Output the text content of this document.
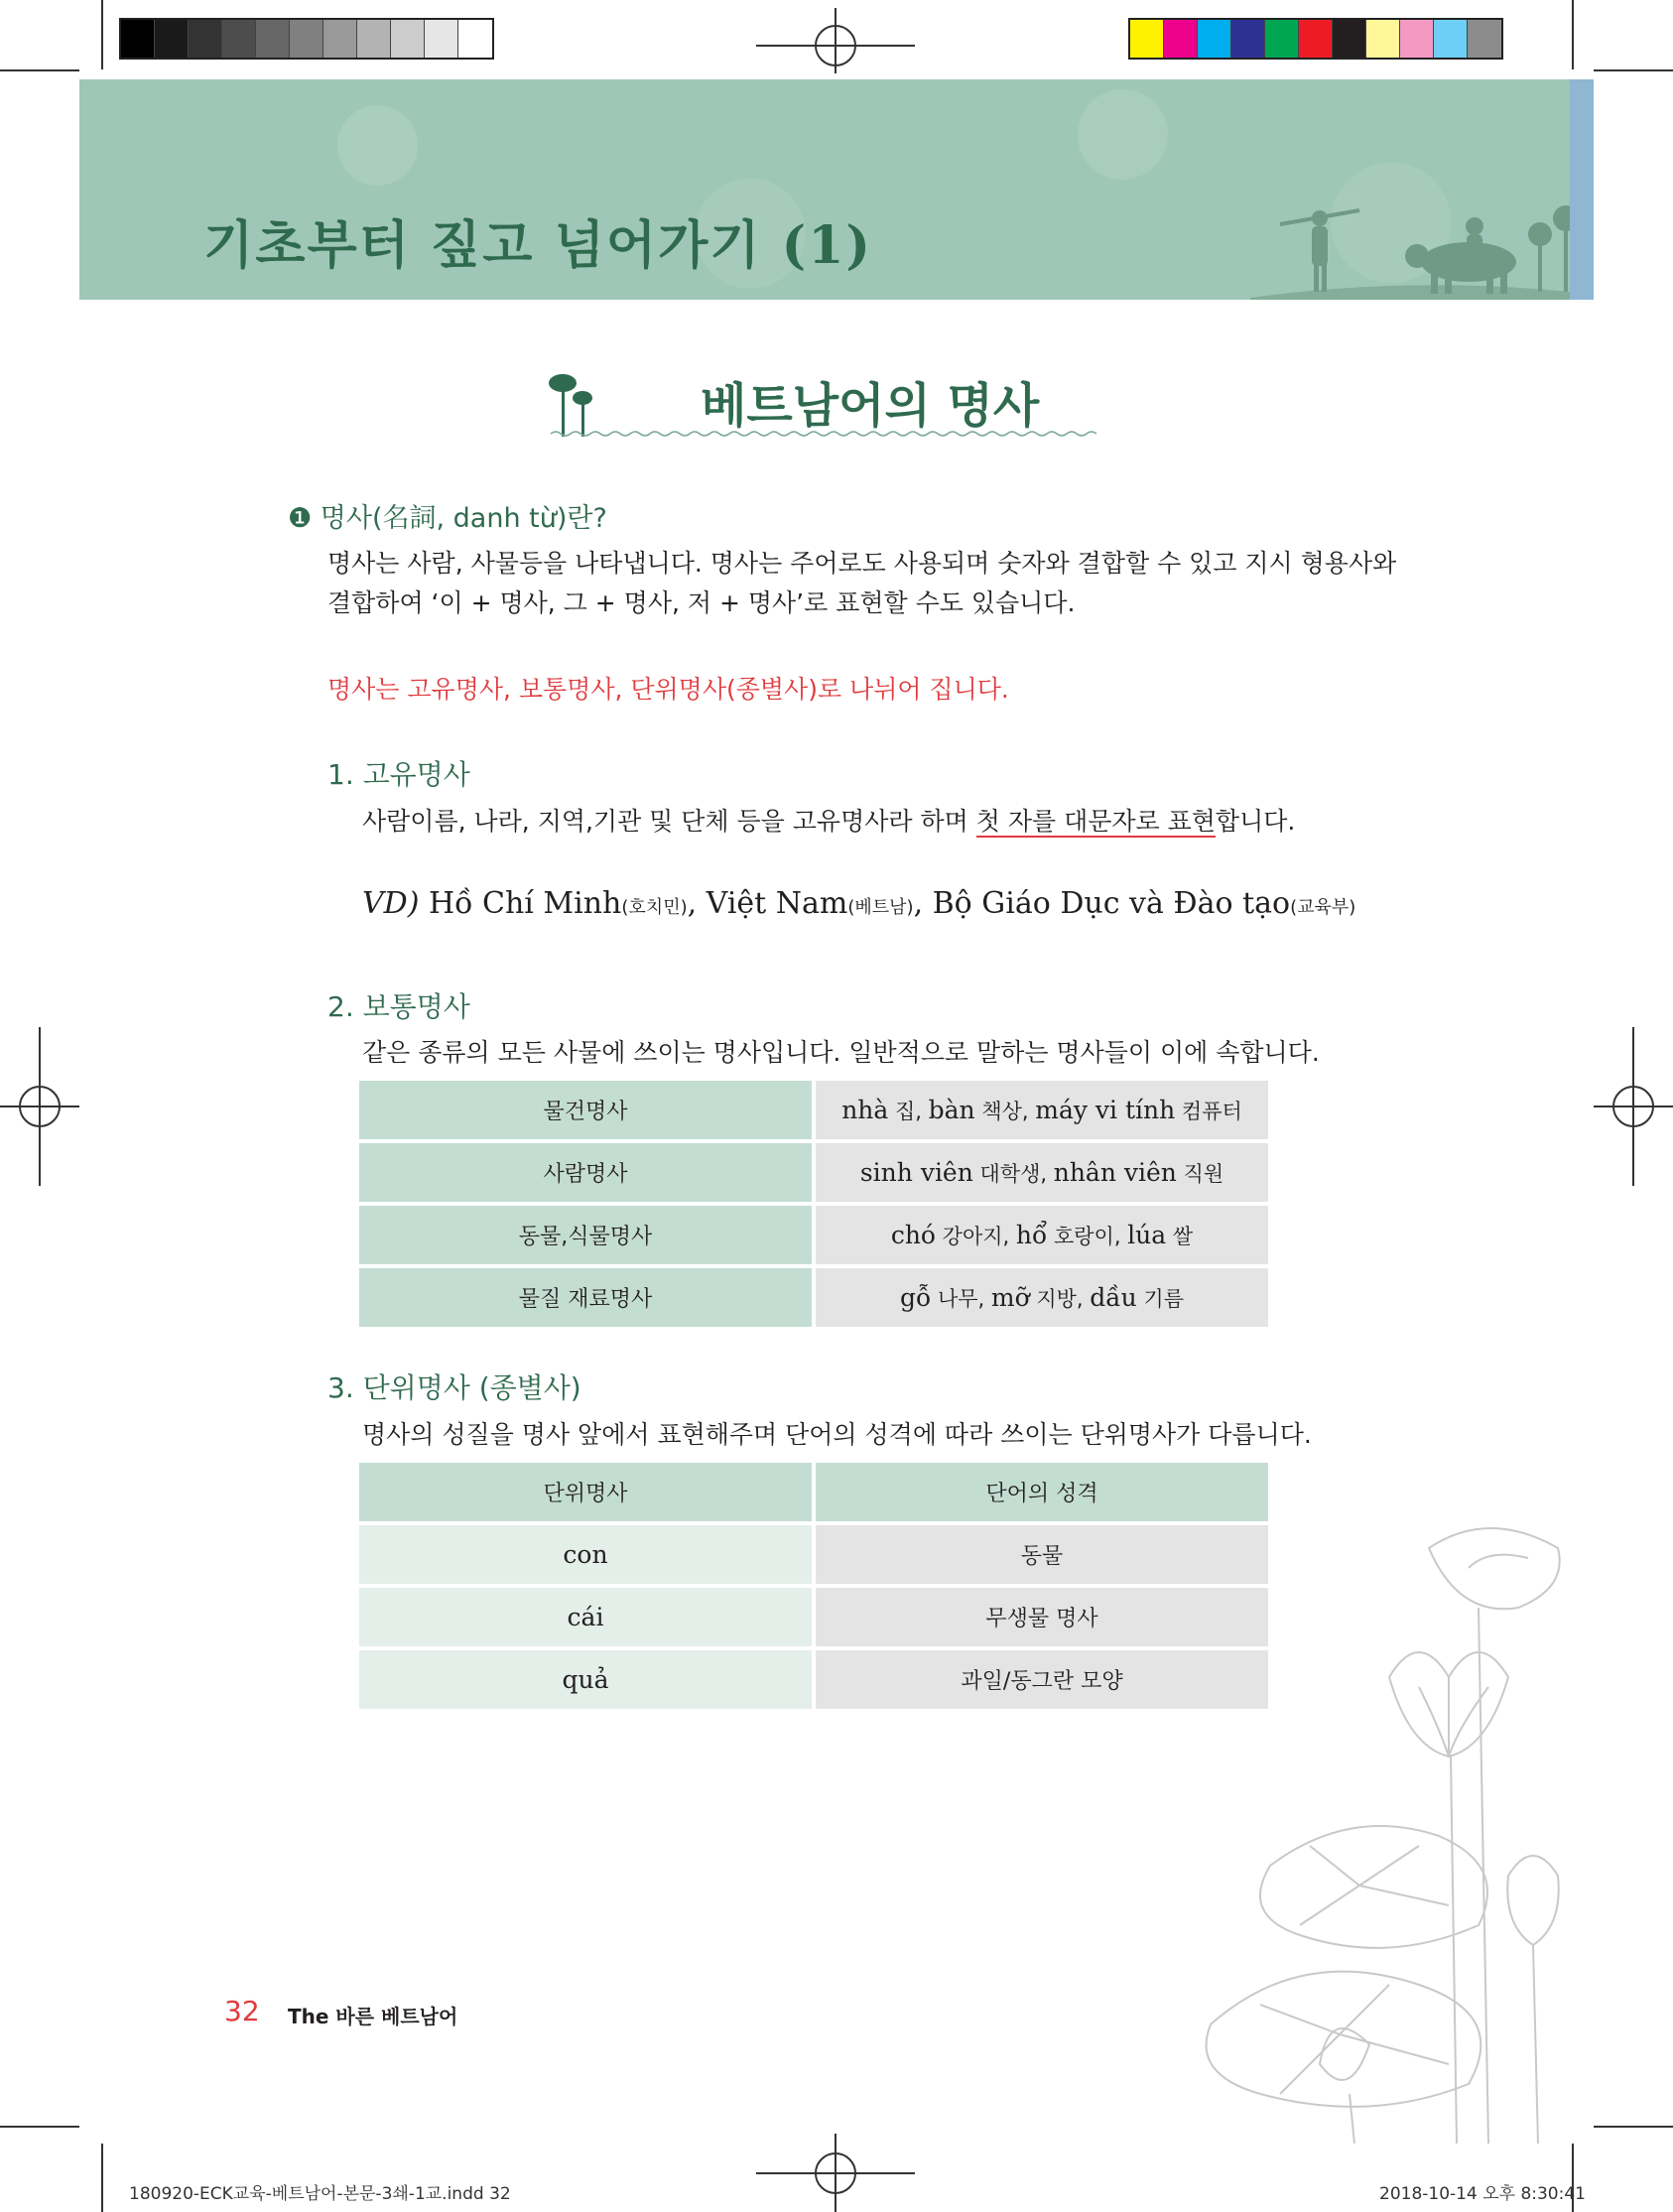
기초부터 짚고 넘어가기 (1)
베트남어의 명사
❶ 명사(名詞, danh từ)란?
명사는 사람, 사물등을 나타냅니다. 명사는 주어로도 사용되며 숫자와 결합할 수 있고 지시 형용사와
결합하여 ‘이 + 명사, 그 + 명사, 저 + 명사’로 표현할 수도 있습니다.
명사는 고유명사, 보통명사, 단위명사(종별사)로 나뉘어 집니다.
1. 고유명사
사람이름, 나라, 지역,기관 및 단체 등을 고유명사라 하며 첫 자를 대문자로 표현합니다.
VD) Hồ Chí Minh(호치민), Việt Nam(베트남), Bộ Giáo Dục và Đào tạo(교육부)
2. 보통명사
같은 종류의 모든 사물에 쓰이는 명사입니다. 일반적으로 말하는 명사들이 이에 속합니다.
물건명사	nhà 집, bàn 책상, máy vi tính 컴퓨터
사람명사	sinh viên 대학생, nhân viên 직원
동물,식물명사	chó 강아지, hổ 호랑이, lúa 쌀
물질 재료명사	gỗ 나무, mỡ 지방, dầu 기름
3. 단위명사 (종별사)
명사의 성질을 명사 앞에서 표현해주며 단어의 성격에 따라 쓰이는 단위명사가 다릅니다.
단위명사	단어의 성격
con	동물
cái	무생물 명사
quả	과일/동그란 모양
32 The 바른 베트남어
180920-ECK교육-베트남어-본문-3쇄-1교.indd 32	2018-10-14 오후 8:30:41
